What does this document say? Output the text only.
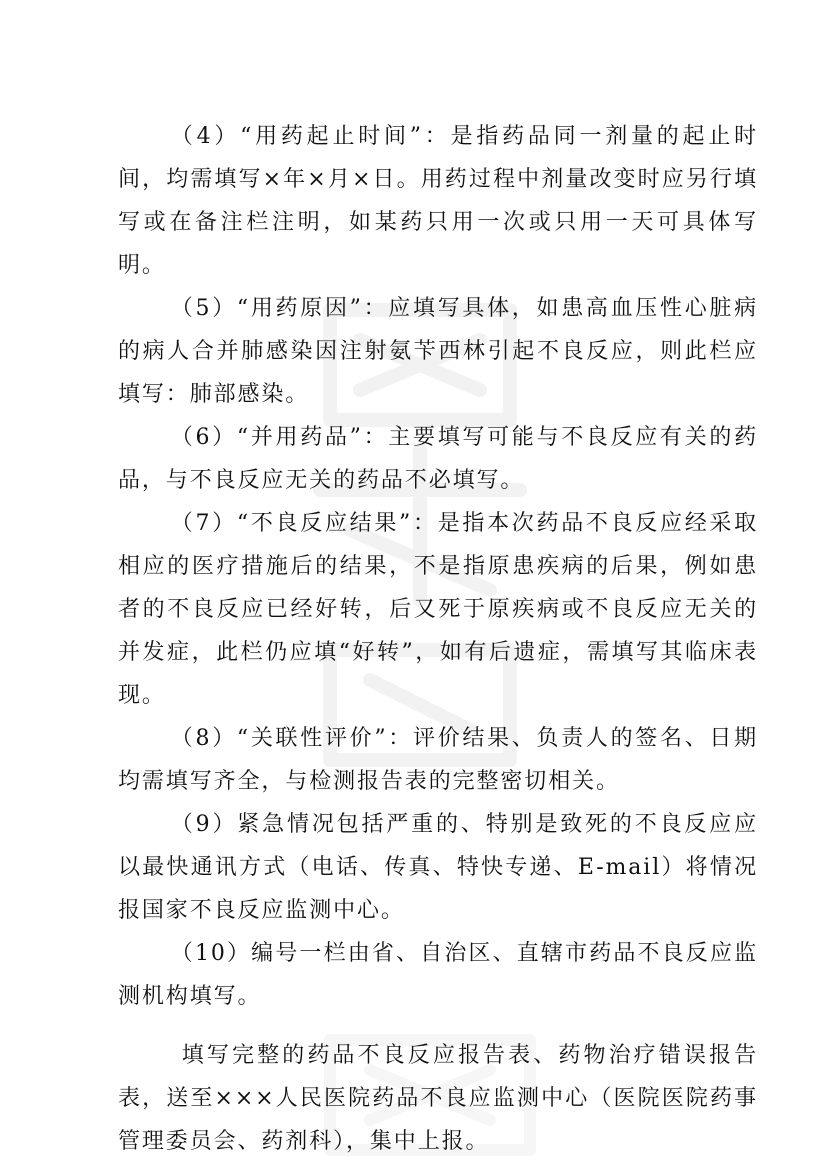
（4）“用药起止时间”：是指药品同一剂量的起止时间，均需填写×年×月×日。用药过程中剂量改变时应另行填写或在备注栏注明，如某药只用一次或只用一天可具体写明。

（5）“用药原因”：应填写具体，如患高血压性心脏病的病人合并肺感染因注射氨苄西林引起不良反应，则此栏应填写：肺部感染。

（6）“并用药品”：主要填写可能与不良反应有关的药品，与不良反应无关的药品不必填写。

（7）“不良反应结果”：是指本次药品不良反应经采取相应的医疗措施后的结果，不是指原患疾病的后果，例如患者的不良反应已经好转，后又死于原疾病或不良反应无关的并发症，此栏仍应填“好转”，如有后遗症，需填写其临床表现。

（8）“关联性评价”：评价结果、负责人的签名、日期均需填写齐全，与检测报告表的完整密切相关。

（9）紧急情况包括严重的、特别是致死的不良反应应以最快通讯方式（电话、传真、特快专递、E-mail）将情况报国家不良反应监测中心。

（10）编号一栏由省、自治区、直辖市药品不良反应监测机构填写。

填写完整的药品不良反应报告表、药物治疗错误报告表，送至×××人民医院药品不良应监测中心（医院医院药事管理委员会、药剂科），集中上报。
